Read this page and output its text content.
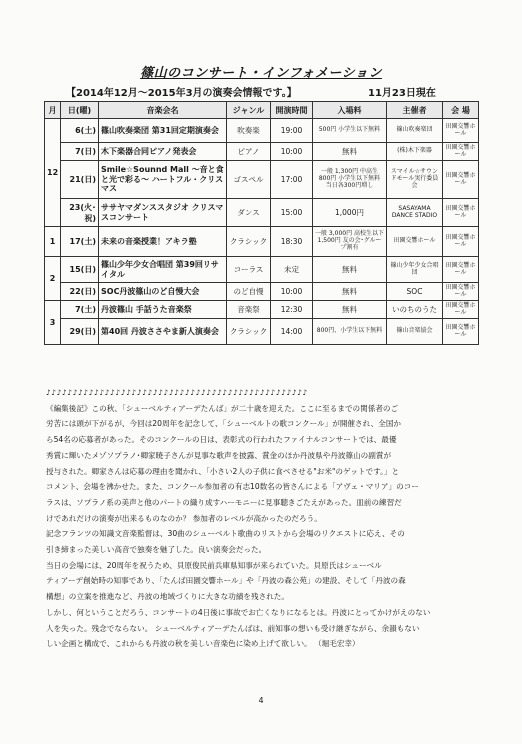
篠山のコンサート・インフォメーション
【2014年12月～2015年3月の演奏会情報です。】	11月23日現在
月	日(曜)	音楽会名	ジャンル	開演時間	入場料	主催者	会 場
12	6(土)	篠山吹奏楽団 第31回定期演奏会	吹奏楽	19:00	500円 小学生以下無料	篠山吹奏楽団	田園交響ホール
	7(日)	木下楽器合同ピアノ発表会	ピアノ	10:00	無料	(株)木下楽器	田園交響ホール
	21(日)	Smile☆Sounnd Mall ～音と食と光で彩る～ ハートフル・クリスマス	ゴスペル	17:00	一般 1,300円 中高生 800円 小学生以下無料 当日各300円増し	スマイル☆サウンドモール実行委員会	田園交響ホール
	23(火･祝)	ササヤマダンススタジオ クリスマスコンサート	ダンス	15:00	1,000円	SASAYAMA DANCE STADIO	田園交響ホール
1	17(土)	未来の音楽授業！アキラ塾	クラシック	18:30	一般 3,000円 高校生以下1,500円 友の会･グループ割有	田園交響ホール	田園交響ホール
2	15(日)	篠山少年少女合唱団 第39回リサイタル	コーラス	未定	無料	篠山少年少女合唱団	田園交響ホール
	22(日)	SOC丹波篠山のど自慢大会	のど自慢	10:00	無料	SOC	田園交響ホール
3	7(土)	丹波篠山 手話うた音楽祭	音楽祭	12:30	無料	いのちのうた	田園交響ホール
	29(日)	第40回 丹波ささやま新人演奏会	クラシック	14:00	800円、小学生以下無料	篠山音楽協会	田園交響ホール

♪♪♪♪♪♪♪♪♪♪♪♪♪♪♪♪♪♪♪♪♪♪♪♪♪♪♪♪♪♪♪♪♪♪♪♪♪♪♪♪♪♪♪♪♪♪♪♪♪

《編集後記》この秋、「シューベルティアーデたんば」が二十歳を迎えた。ここに至るまでの関係者のご

労苦には頭が下がるが、今回は20周年を記念して、「シューベルトの歌コンクール」が開催され、全国か

ら54名の応募者があった。そのコンクールの日は、表彰式の行われたファイナルコンサートでは、最優

秀賞に輝いたメゾソプラノ･卿家暁子さんが見事な歌声を披露、賞金のほか丹波県や丹波篠山の副賞が

授与された。卿家さんは応募の理由を聞かれ、「小さい2人の子供に食べさせる"お米"のゲットです。」と

コメント、会場を沸かせた。また、コンクール参加者の有志10数名の皆さんによる「アヴェ・マリア」のコー

ラスは、ソプラノ系の美声と他のパートの織り成すハーモニーに見事聴きごたえがあった。皿前の練習だ

けであれだけの演奏が出来るものなのか？ 参加者のレベルが高かったのだろう。

記念フランツの知識文音楽監督は、30曲のシューベルト歌曲のリストから会場のリクエストに応え、その

引き締まった美しい高音で独奏を魅了した。良い演奏会だった。

当日の会場には、20周年を祝うため、貝原俊民前兵庫県知事が来られていた。貝原氏はシューベル

ティアーデ創始時の知事であり、「たんば田園交響ホール」や「丹波の森公苑」の建設、そして「丹波の森

構想」の立案を推進など、丹波の地域づくりに大きな功績を残された。

しかし、何ということだろう、コンサートの4日後に事故でお亡くなりになるとは。丹波にとってかけがえのない

人を失った。残念でならない。 シューベルティアーデたんばは、前知事の想いも受け継ぎながら、余韻もない

しい企画と構成で、これからも丹波の秋を美しい音楽色に染め上げて欲しい。 （堀毛宏幸）

4
